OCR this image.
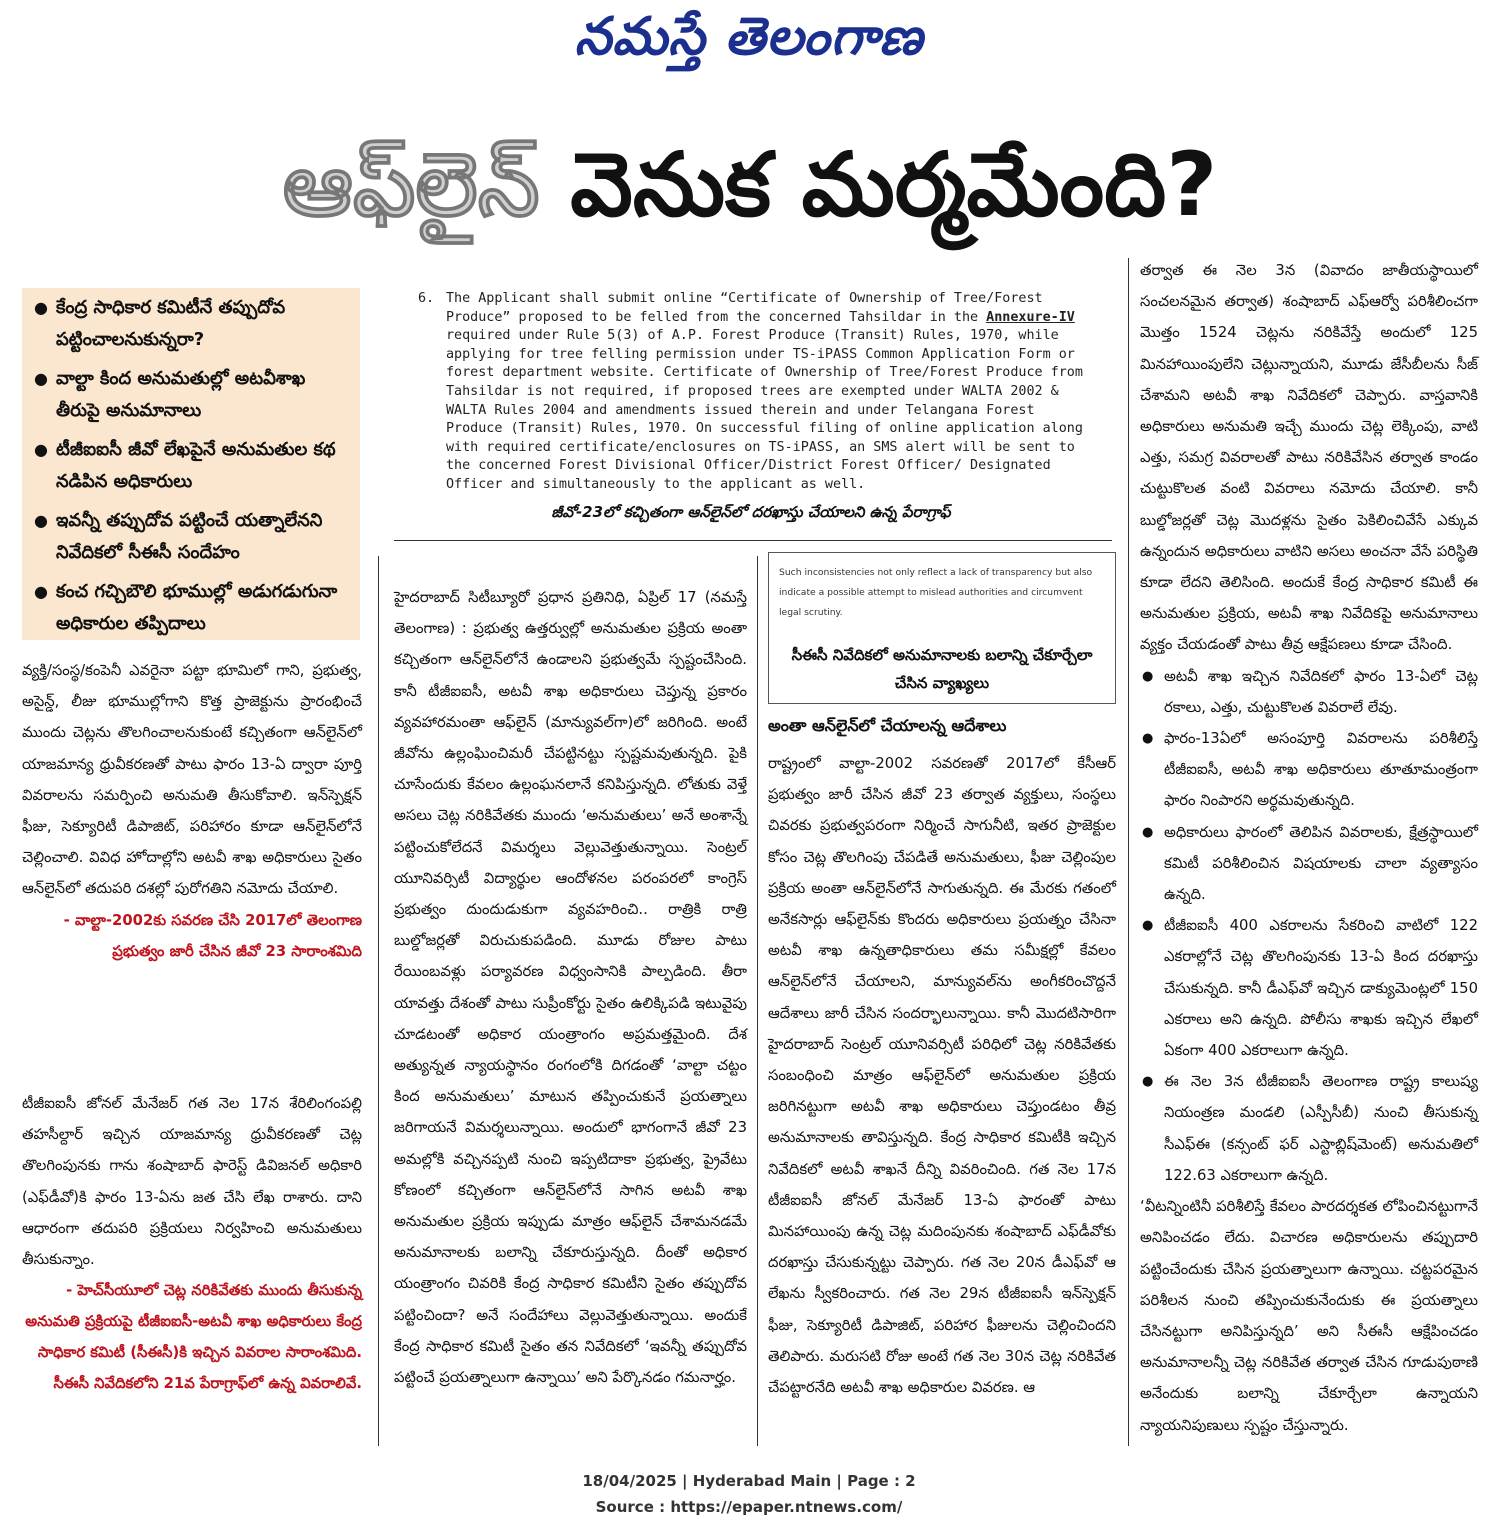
నమస్తే తెలంగాణ
ఆఫ్‌లైన్ వెనుక మర్మమేంది?
● కేంద్ర సాధికార కమిటీనే తప్పుదోవ పట్టించాలనుకున్నరా?
● వాల్టా కింద అనుమతుల్లో అటవీశాఖ తీరుపై అనుమానాలు
● టీజీఐఐసీ జీవో లేఖపైనే అనుమతుల కథ నడిపిన అధికారులు
● ఇవన్నీ తప్పుదోవ పట్టించే యత్నాలేనని నివేదికలో సీఈసీ సందేహం
● కంచ గచ్చిబౌలి భూముల్లో అడుగడుగునా అధికారుల తప్పిదాలు

వ్యక్తి/సంస్థ/కంపెనీ ఎవరైనా పట్టా భూమిలో గాని, ప్రభుత్వ, అసైన్డ్, లీజు భూముల్లోగాని కొత్త ప్రాజెక్టును ప్రారంభించే ముందు చెట్లను తొలగించాలనుకుంటే కచ్చితంగా ఆన్‌లైన్‌లో యాజమాన్య ధ్రువీకరణతో పాటు ఫారం 13-ఏ ద్వారా పూర్తి వివరాలను సమర్పించి అనుమతి తీసుకోవాలి. ఇన్‌స్పెక్షన్ ఫీజు, సెక్యూరిటీ డిపాజిట్, పరిహారం కూడా ఆన్‌లైన్‌లోనే చెల్లించాలి. వివిధ హోదాల్లోని అటవీ శాఖ అధికారులు సైతం ఆన్‌లైన్‌లో తదుపరి దశల్లో పురోగతిని నమోదు చేయాలి.

- వాల్టా-2002కు సవరణ చేసి 2017లో తెలంగాణ ప్రభుత్వం జారీ చేసిన జీవో 23 సారాంశమిది

టీజీఐఐసీ జోనల్ మేనేజర్ గత నెల 17న శేరిలింగంపల్లి తహసీల్దార్ ఇచ్చిన యాజమాన్య ధ్రువీకరణతో చెట్ల తొలగింపునకు గాను శంషాబాద్ ఫారెస్ట్ డివిజనల్ అధికారి (ఎఫ్‌డీవో)కి ఫారం 13-ఏను జత చేసి లేఖ రాశారు. దాని ఆధారంగా తదుపరి ప్రక్రియలు నిర్వహించి అనుమతులు తీసుకున్నాం.

- హెచ్‌సీయూలో చెట్ల నరికివేతకు ముందు తీసుకున్న అనుమతి ప్రక్రియపై టీజీఐఐసీ-అటవీ శాఖ అధికారులు కేంద్ర సాధికార కమిటీ (సీఈసీ)కి ఇచ్చిన వివరాల సారాంశమిది. సీఈసీ నివేదికలోని 21వ పేరాగ్రాఫ్‌లో ఉన్న వివరాలివే.
6. The Applicant shall submit online “Certificate of Ownership of Tree/Forest Produce” proposed to be felled from the concerned Tahsildar in the Annexure-IV required under Rule 5(3) of A.P. Forest Produce (Transit) Rules, 1970, while applying for tree felling permission under TS-iPASS Common Application Form or forest department website. Certificate of Ownership of Tree/Forest Produce from Tahsildar is not required, if proposed trees are exempted under WALTA 2002 & WALTA Rules 2004 and amendments issued therein and under Telangana Forest Produce (Transit) Rules, 1970. On successful filing of online application along with required certificate/enclosures on TS-iPASS, an SMS alert will be sent to the concerned Forest Divisional Officer/District Forest Officer/ Designated Officer and simultaneously to the applicant as well.
జీవో-23లో కచ్చితంగా ఆన్‌లైన్‌లో దరఖాస్తు చేయాలని ఉన్న పేరాగ్రాఫ్

హైదరాబాద్ సిటీబ్యూరో ప్రధాన ప్రతినిధి, ఏప్రిల్ 17 (నమస్తే తెలంగాణ) : ప్రభుత్వ ఉత్తర్వుల్లో అనుమతుల ప్రక్రియ అంతా కచ్చితంగా ఆన్‌లైన్‌లోనే ఉండాలని ప్రభుత్వమే స్పష్టంచేసింది. కానీ టీజీఐఐసీ, అటవీ శాఖ అధికారులు చెప్తున్న ప్రకారం వ్యవహారమంతా ఆఫ్‌లైన్ (మాన్యువల్‌గా)లో జరిగింది. అంటే జీవోను ఉల్లంఘించిమరీ చేపట్టినట్టు స్పష్టమవుతున్నది. పైకి చూసేందుకు కేవలం ఉల్లంఘనలానే కనిపిస్తున్నది. లోతుకు వెళ్తే అసలు చెట్ల నరికివేతకు ముందు ‘అనుమతులు’ అనే అంశాన్నే పట్టించుకోలేదనే విమర్శలు వెల్లువెత్తుతున్నాయి. సెంట్రల్ యూనివర్సిటీ విద్యార్థుల ఆందోళనల పరంపరలో కాంగ్రెస్ ప్రభుత్వం దుందుడుకుగా వ్యవహరించి.. రాత్రికి రాత్రి బుల్డోజర్లతో విరుచుకుపడింది. మూడు రోజుల పాటు రేయింబవళ్లు పర్యావరణ విధ్వంసానికి పాల్పడింది. తీరా యావత్తు దేశంతో పాటు సుప్రీంకోర్టు సైతం ఉలిక్కిపడి ఇటువైపు చూడటంతో అధికార యంత్రాంగం అప్రమత్తమైంది. దేశ అత్యున్నత న్యాయస్థానం రంగంలోకి దిగడంతో ‘వాల్టా చట్టం కింద అనుమతులు’ మాటున తప్పించుకునే ప్రయత్నాలు జరిగాయనే విమర్శలున్నాయి. అందులో భాగంగానే జీవో 23 అమల్లోకి వచ్చినప్పటి నుంచి ఇప్పటిదాకా ప్రభుత్వ, ప్రైవేటు కోణంలో కచ్చితంగా ఆన్‌లైన్‌లోనే సాగిన అటవీ శాఖ అనుమతుల ప్రక్రియ ఇప్పుడు మాత్రం ఆఫ్‌లైన్ చేశామనడమే అనుమానాలకు బలాన్ని చేకూరుస్తున్నది. దీంతో అధికార యంత్రాంగం చివరికి కేంద్ర సాధికార కమిటీని సైతం తప్పుదోవ పట్టించిందా? అనే సందేహాలు వెల్లువెత్తుతున్నాయి. అందుకే కేంద్ర సాధికార కమిటీ సైతం తన నివేదికలో ‘ఇవన్నీ తప్పుదోవ పట్టించే ప్రయత్నాలుగా ఉన్నాయి’ అని పేర్కొనడం గమనార్హం.

Such inconsistencies not only reflect a lack of transparency but also indicate a possible attempt to mislead authorities and circumvent legal scrutiny.
సీఈసీ నివేదికలో అనుమానాలకు బలాన్ని చేకూర్చేలా చేసిన వ్యాఖ్యలు
అంతా ఆన్‌లైన్‌లో చేయాలన్న ఆదేశాలు

రాష్ట్రంలో వాల్టా-2002 సవరణతో 2017లో కేసీఆర్ ప్రభుత్వం జారీ చేసిన జీవో 23 తర్వాత వ్యక్తులు, సంస్థలు చివరకు ప్రభుత్వపరంగా నిర్మించే సాగునీటి, ఇతర ప్రాజెక్టుల కోసం చెట్ల తొలగింపు చేపడితే అనుమతులు, ఫీజు చెల్లింపుల ప్రక్రియ అంతా ఆన్‌లైన్‌లోనే సాగుతున్నది. ఈ మేరకు గతంలో అనేకసార్లు ఆఫ్‌లైన్‌కు కొందరు అధికారులు ప్రయత్నం చేసినా అటవీ శాఖ ఉన్నతాధికారులు తమ సమీక్షల్లో కేవలం ఆన్‌లైన్‌లోనే చేయాలని, మాన్యువల్‌ను అంగీకరించొద్దనే ఆదేశాలు జారీ చేసిన సందర్భాలున్నాయి. కానీ మొదటిసారిగా హైదరాబాద్ సెంట్రల్ యూనివర్సిటీ పరిధిలో చెట్ల నరికివేతకు సంబంధించి మాత్రం ఆఫ్‌లైన్‌లో అనుమతుల ప్రక్రియ జరిగినట్టుగా అటవీ శాఖ అధికారులు చెప్తుండటం తీవ్ర అనుమానాలకు తావిస్తున్నది. కేంద్ర సాధికార కమిటీకి ఇచ్చిన నివేదికలో అటవీ శాఖనే దీన్ని వివరించింది. గత నెల 17న టీజీఐఐసీ జోనల్ మేనేజర్ 13-ఏ ఫారంతో పాటు మినహాయింపు ఉన్న చెట్ల మదింపునకు శంషాబాద్ ఎఫ్‌డీవోకు దరఖాస్తు చేసుకున్నట్టు చెప్పారు. గత నెల 20న డీఎఫ్‌వో ఆ లేఖను స్వీకరించారు. గత నెల 29న టీజీఐఐసీ ఇన్‌స్పెక్షన్ ఫీజు, సెక్యూరిటీ డిపాజిట్, పరిహార ఫీజులను చెల్లించిందని తెలిపారు. మరుసటి రోజు అంటే గత నెల 30న చెట్ల నరికివేత చేపట్టారనేది అటవీ శాఖ అధికారుల వివరణ. ఆ

తర్వాత ఈ నెల 3న (వివాదం జాతీయస్థాయిలో సంచలనమైన తర్వాత) శంషాబాద్ ఎఫ్‌ఆర్వో పరిశీలించగా మొత్తం 1524 చెట్లను నరికివేస్తే అందులో 125 మినహాయింపులేని చెట్లున్నాయని, మూడు జేసీబీలను సీజ్ చేశామని అటవీ శాఖ నివేదికలో చెప్పారు. వాస్తవానికి అధికారులు అనుమతి ఇచ్చే ముందు చెట్ల లెక్కింపు, వాటి ఎత్తు, సమగ్ర వివరాలతో పాటు నరికివేసిన తర్వాత కాండం చుట్టుకొలత వంటి వివరాలు నమోదు చేయాలి. కానీ బుల్డోజర్లతో చెట్ల మొదళ్లను సైతం పెకిలించివేసే ఎక్కువ ఉన్నందున అధికారులు వాటిని అసలు అంచనా వేసే పరిస్థితి కూడా లేదని తెలిసింది. అందుకే కేంద్ర సాధికార కమిటీ ఈ అనుమతుల ప్రక్రియ, అటవీ శాఖ నివేదికపై అనుమానాలు వ్యక్తం చేయడంతో పాటు తీవ్ర ఆక్షేపణలు కూడా చేసింది.

● అటవీ శాఖ ఇచ్చిన నివేదికలో ఫారం 13-ఏలో చెట్ల రకాలు, ఎత్తు, చుట్టుకొలత వివరాలే లేవు.
● ఫారం-13ఏలో అసంపూర్తి వివరాలను పరిశీలిస్తే టీజీఐఐసీ, అటవీ శాఖ అధికారులు తూతూమంత్రంగా ఫారం నింపారని అర్థమవుతున్నది.
● అధికారులు ఫారంలో తెలిపిన వివరాలకు, క్షేత్రస్థాయిలో కమిటీ పరిశీలించిన విషయాలకు చాలా వ్యత్యాసం ఉన్నది.
● టీజీఐఐసీ 400 ఎకరాలను సేకరించి వాటిలో 122 ఎకరాల్లోనే చెట్ల తొలగింపునకు 13-ఏ కింద దరఖాస్తు చేసుకున్నది. కానీ డీఎఫ్‌వో ఇచ్చిన డాక్యుమెంట్లలో 150 ఎకరాలు అని ఉన్నది. పోలీసు శాఖకు ఇచ్చిన లేఖలో ఏకంగా 400 ఎకరాలుగా ఉన్నది.
● ఈ నెల 3న టీజీఐఐసీ తెలంగాణ రాష్ట్ర కాలుష్య నియంత్రణ మండలి (ఎస్పీసీబీ) నుంచి తీసుకున్న సీఎఫ్‌ఈ (కన్సంట్ ఫర్ ఎస్టాబ్లిష్‌మెంట్) అనుమతిలో 122.63 ఎకరాలుగా ఉన్నది.

‘వీటన్నింటినీ పరిశీలిస్తే కేవలం పారదర్శకత లోపించినట్టుగానే అనిపించడం లేదు. విచారణ అధికారులను తప్పుదారి పట్టించేందుకు చేసిన ప్రయత్నాలుగా ఉన్నాయి. చట్టపరమైన పరిశీలన నుంచి తప్పించుకునేందుకు ఈ ప్రయత్నాలు చేసినట్టుగా అనిపిస్తున్నది’ అని సీఈసీ ఆక్షేపించడం అనుమానాలన్నీ చెట్ల నరికివేత తర్వాత చేసిన గూడుపుఠాణి అనేందుకు బలాన్ని చేకూర్చేలా ఉన్నాయని న్యాయనిపుణులు స్పష్టం చేస్తున్నారు.

18/04/2025 | Hyderabad Main | Page : 2
Source : https://epaper.ntnews.com/
